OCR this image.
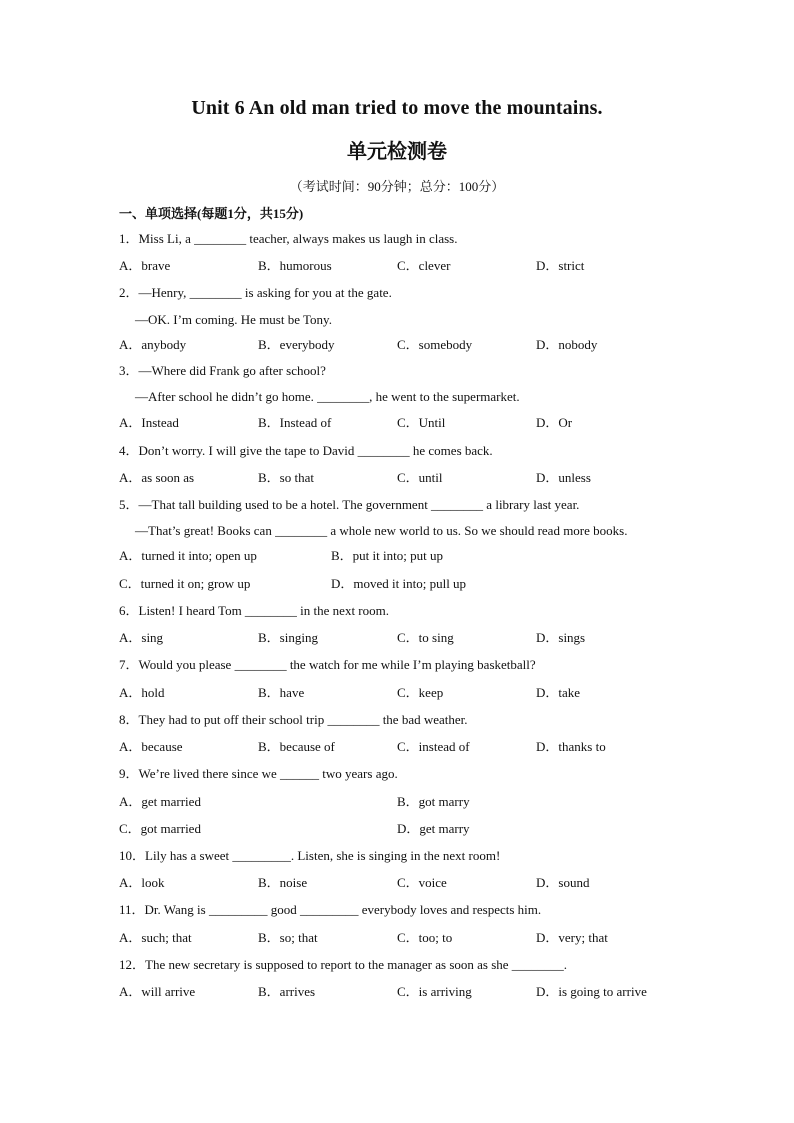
Unit 6 An old man tried to move the mountains.
单元检测卷
（考试时间：90分钟；总分：100分）
一、单项选择(每题1分，共15分)
1．Miss Li, a ________ teacher, always makes us laugh in class.
A．brave	B．humorous	C．clever	D．strict
2．—Henry, ________ is asking for you at the gate.
—OK. I’m coming. He must be Tony.
A．anybody	B．everybody	C．somebody	D．nobody
3．—Where did Frank go after school?
—After school he didn’t go home. ________, he went to the supermarket.
A．Instead	B．Instead of	C．Until	D．Or
4．Don’t worry. I will give the tape to David ________ he comes back.
A．as soon as	B．so that	C．until	D．unless
5．—That tall building used to be a hotel. The government ________ a library last year.
—That’s great! Books can ________ a whole new world to us. So we should read more books.
A．turned it into; open up	B．put it into; put up
C．turned it on; grow up	D．moved it into; pull up
6．Listen! I heard Tom ________ in the next room.
A．sing	B．singing	C．to sing	D．sings
7．Would you please ________ the watch for me while I’m playing basketball?
A．hold	B．have	C．keep	D．take
8．They had to put off their school trip ________ the bad weather.
A．because	B．because of	C．instead of	D．thanks to
9．We’re lived there since we ______ two years ago.
A．get married	B．got marry
C．got married	D．get marry
10．Lily has a sweet _________. Listen, she is singing in the next room!
A．look	B．noise	C．voice	D．sound
11．Dr. Wang is _________ good _________ everybody loves and respects him.
A．such; that	B．so; that	C．too; to	D．very; that
12．The new secretary is supposed to report to the manager as soon as she ________.
A．will arrive	B．arrives	C．is arriving	D．is going to arrive
